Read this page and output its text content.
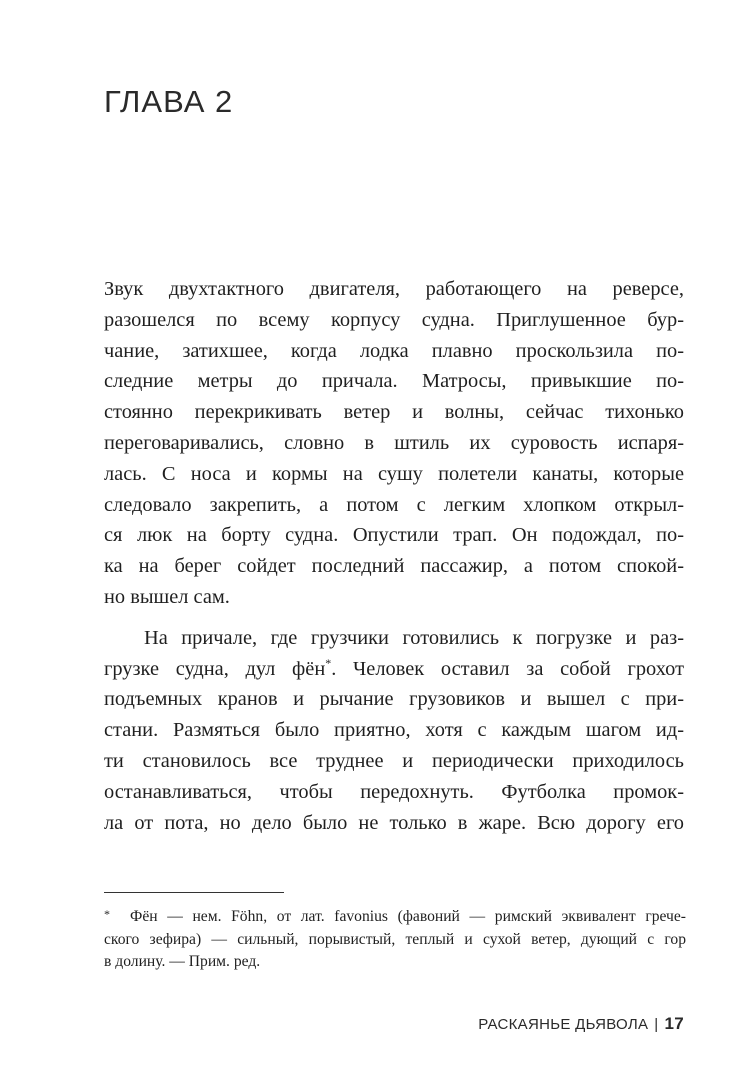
ГЛАВА 2
Звук двухтактного двигателя, работающего на реверсе,
разошелся по всему корпусу судна. Приглушенное бур-
чание, затихшее, когда лодка плавно проскользила по-
следние метры до причала. Матросы, привыкшие по-
стоянно перекрикивать ветер и волны, сейчас тихонько
переговаривались, словно в штиль их суровость испаря-
лась. С носа и кормы на сушу полетели канаты, которые
следовало закрепить, а потом с легким хлопком открыл-
ся люк на борту судна. Опустили трап. Он подождал, по-
ка на берег сойдет последний пассажир, а потом спокой-
но вышел сам.
На причале, где грузчики готовились к погрузке и раз-
грузке судна, дул фён*. Человек оставил за собой грохот
подъемных кранов и рычание грузовиков и вышел с при-
стани. Размяться было приятно, хотя с каждым шагом ид-
ти становилось все труднее и периодически приходилось
останавливаться, чтобы передохнуть. Футболка промок-
ла от пота, но дело было не только в жаре. Всю дорогу его
* Фён — нем. Föhn, от лат. favonius (фавоний — римский эквивалент грече-
ского зефира) — сильный, порывистый, теплый и сухой ветер, дующий с гор
в долину. — Прим. ред.
РАСКАЯНЬЕ ДЬЯВОЛА | 17
